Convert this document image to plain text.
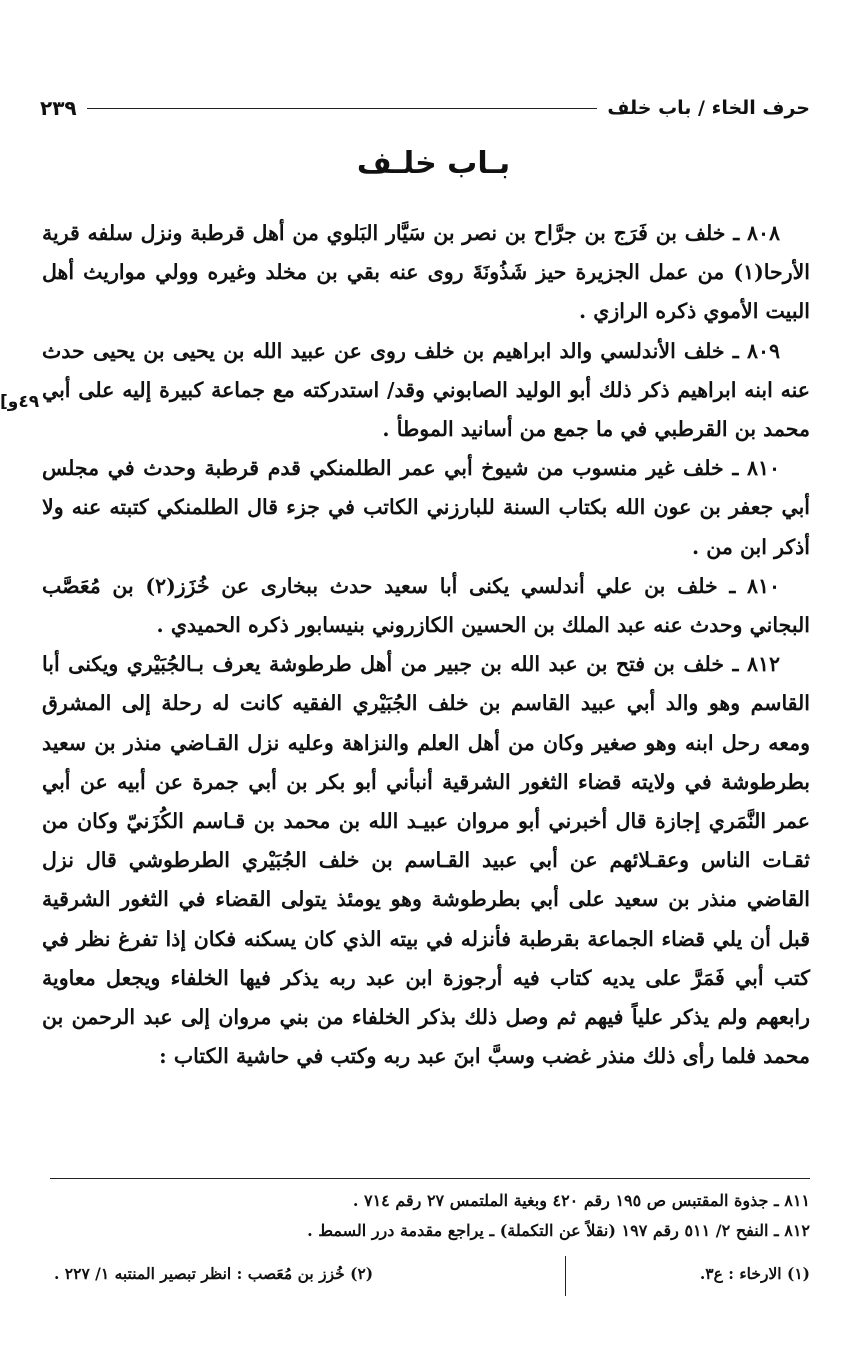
حرف الخاء / باب خلف
٢٣٩
بـاب خلـف

٨٠٨ ـ خلف بن فَرَج بن جرَّاح بن نصر بن سَيَّار البَلوي من أهل قرطبة ونزل سلفه قرية الأرحا(١) من عمل الجزيرة حيز شَذُونَةَ روى عنه بقي بن مخلد وغيره وولي مواريث أهل البيت الأموي ذكره الرازي .

٨٠٩ ـ خلف الأندلسي والد ابراهيم بن خلف روى عن عبيد الله بن يحيى بن يحيى حدث عنه ابنه ابراهيم ذكر ذلك أبو الوليد الصابوني وقد/ استدركته مع جماعة كبيرة إليه على أبي محمد بن القرطبي في ما جمع من أسانيد الموطأ .

٨١٠ ـ خلف غير منسوب من شيوخ أبي عمر الطلمنكي قدم قرطبة وحدث في مجلس أبي جعفر بن عون الله بكتاب السنة للبارزني الكاتب في جزء قال الطلمنكي كتبته عنه ولا أذكر ابن من .

٨١٠ ـ خلف بن علي أندلسي يكنى أبا سعيد حدث ببخارى عن خُزَز(٢) بن مُعَصَّب البجاني وحدث عنه عبد الملك بن الحسين الكازروني بنيسابور ذكره الحميدي .

٨١٢ ـ خلف بن فتح بن عبد الله بن جبير من أهل طرطوشة يعرف بـالجُبَيْري ويكنى أبا القاسم وهو والد أبي عبيد القاسم بن خلف الجُبَيْري الفقيه كانت له رحلة إلى المشرق ومعه رحل ابنه وهو صغير وكان من أهل العلم والنزاهة وعليه نزل القـاضي منذر بن سعيد بطرطوشة في ولايته قضاء الثغور الشرقية أنبأني أبو بكر بن أبي جمرة عن أبيه عن أبي عمر النَّمَري إجازة قال أخبرني أبو مروان عبيـد الله بن محمد بن قـاسم الكُزَنيّ وكان من ثقـات الناس وعقـلائهم عن أبي عبيد القـاسم بن خلف الجُبَيْري الطرطوشي قال نزل القاضي منذر بن سعيد على أبي بطرطوشة وهو يومئذ يتولى القضاء في الثغور الشرقية قبل أن يلي قضاء الجماعة بقرطبة فأنزله في بيته الذي كان يسكنه فكان إذا تفرغ نظر في كتب أبي فَمَرَّ على يديه كتاب فيه أرجوزة ابن عبد ربه يذكر فيها الخلفاء ويجعل معاوية رابعهم ولم يذكر علياً فيهم ثم وصل ذلك بذكر الخلفاء من بني مروان إلى عبد الرحمن بن محمد فلما رأى ذلك منذر غضب وسبَّ ابنَ عبد ربه وكتب في حاشية الكتاب :

[٤٩و
٨١١ ـ جذوة المقتبس ص ١٩٥ رقم ٤٢٠ وبغية الملتمس ٢٧ رقم ٧١٤ .
٨١٢ ـ النفح ٢/ ٥١١ رقم ١٩٧ (نقلاً عن التكملة) ـ يراجع مقدمة درر السمط .
(١) الارخاء : ع٣.
(٢) خُزز بن مُعَصب : انظر تبصير المنتبه ١/ ٢٢٧ .
